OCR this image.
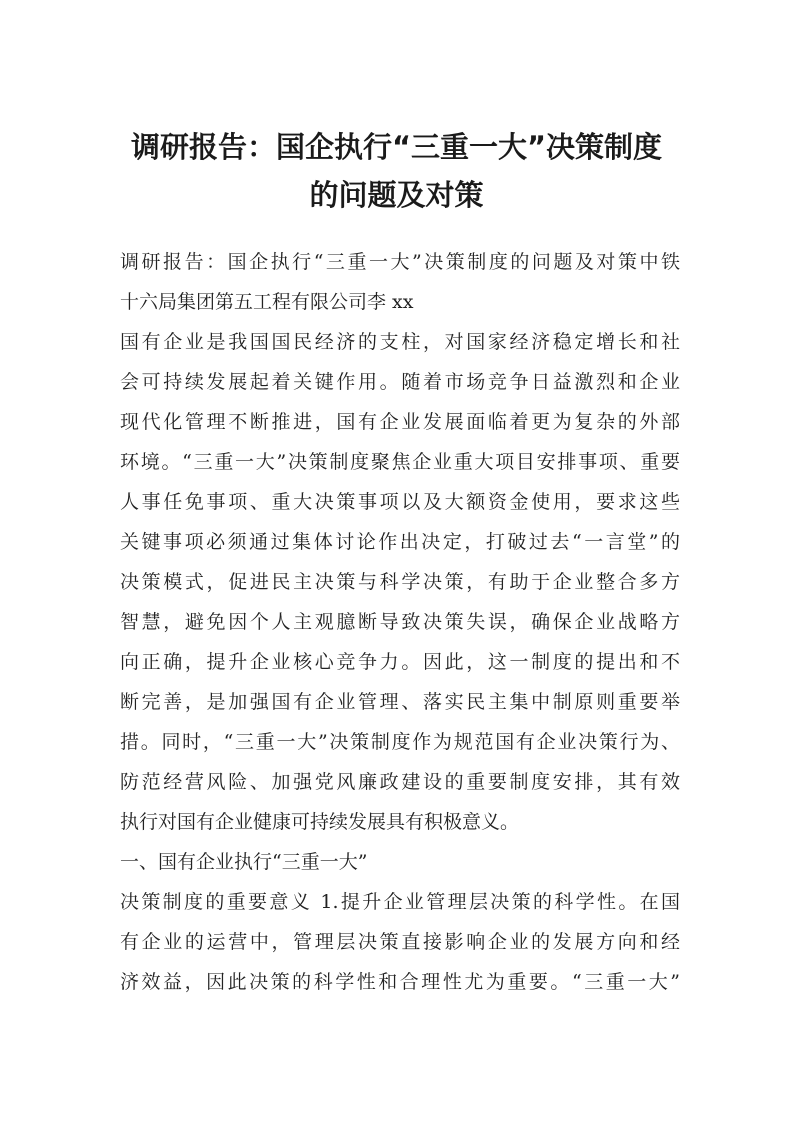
调研报告：国企执行“三重一大”决策制度
的问题及对策

调研报告：国企执行“三重一大”决策制度的问题及对策中铁

十六局集团第五工程有限公司李 xx

国有企业是我国国民经济的支柱，对国家经济稳定增长和社

会可持续发展起着关键作用。随着市场竞争日益激烈和企业

现代化管理不断推进，国有企业发展面临着更为复杂的外部

环境。“三重一大”决策制度聚焦企业重大项目安排事项、重要

人事任免事项、重大决策事项以及大额资金使用，要求这些

关键事项必须通过集体讨论作出决定，打破过去“一言堂”的

决策模式，促进民主决策与科学决策，有助于企业整合多方

智慧，避免因个人主观臆断导致决策失误，确保企业战略方

向正确，提升企业核心竞争力。因此，这一制度的提出和不

断完善，是加强国有企业管理、落实民主集中制原则重要举

措。同时，“三重一大”决策制度作为规范国有企业决策行为、

防范经营风险、加强党风廉政建设的重要制度安排，其有效

执行对国有企业健康可持续发展具有积极意义。

一、国有企业执行“三重一大”

决策制度的重要意义 1.提升企业管理层决策的科学性。在国

有企业的运营中，管理层决策直接影响企业的发展方向和经

济效益，因此决策的科学性和合理性尤为重要。“三重一大”
